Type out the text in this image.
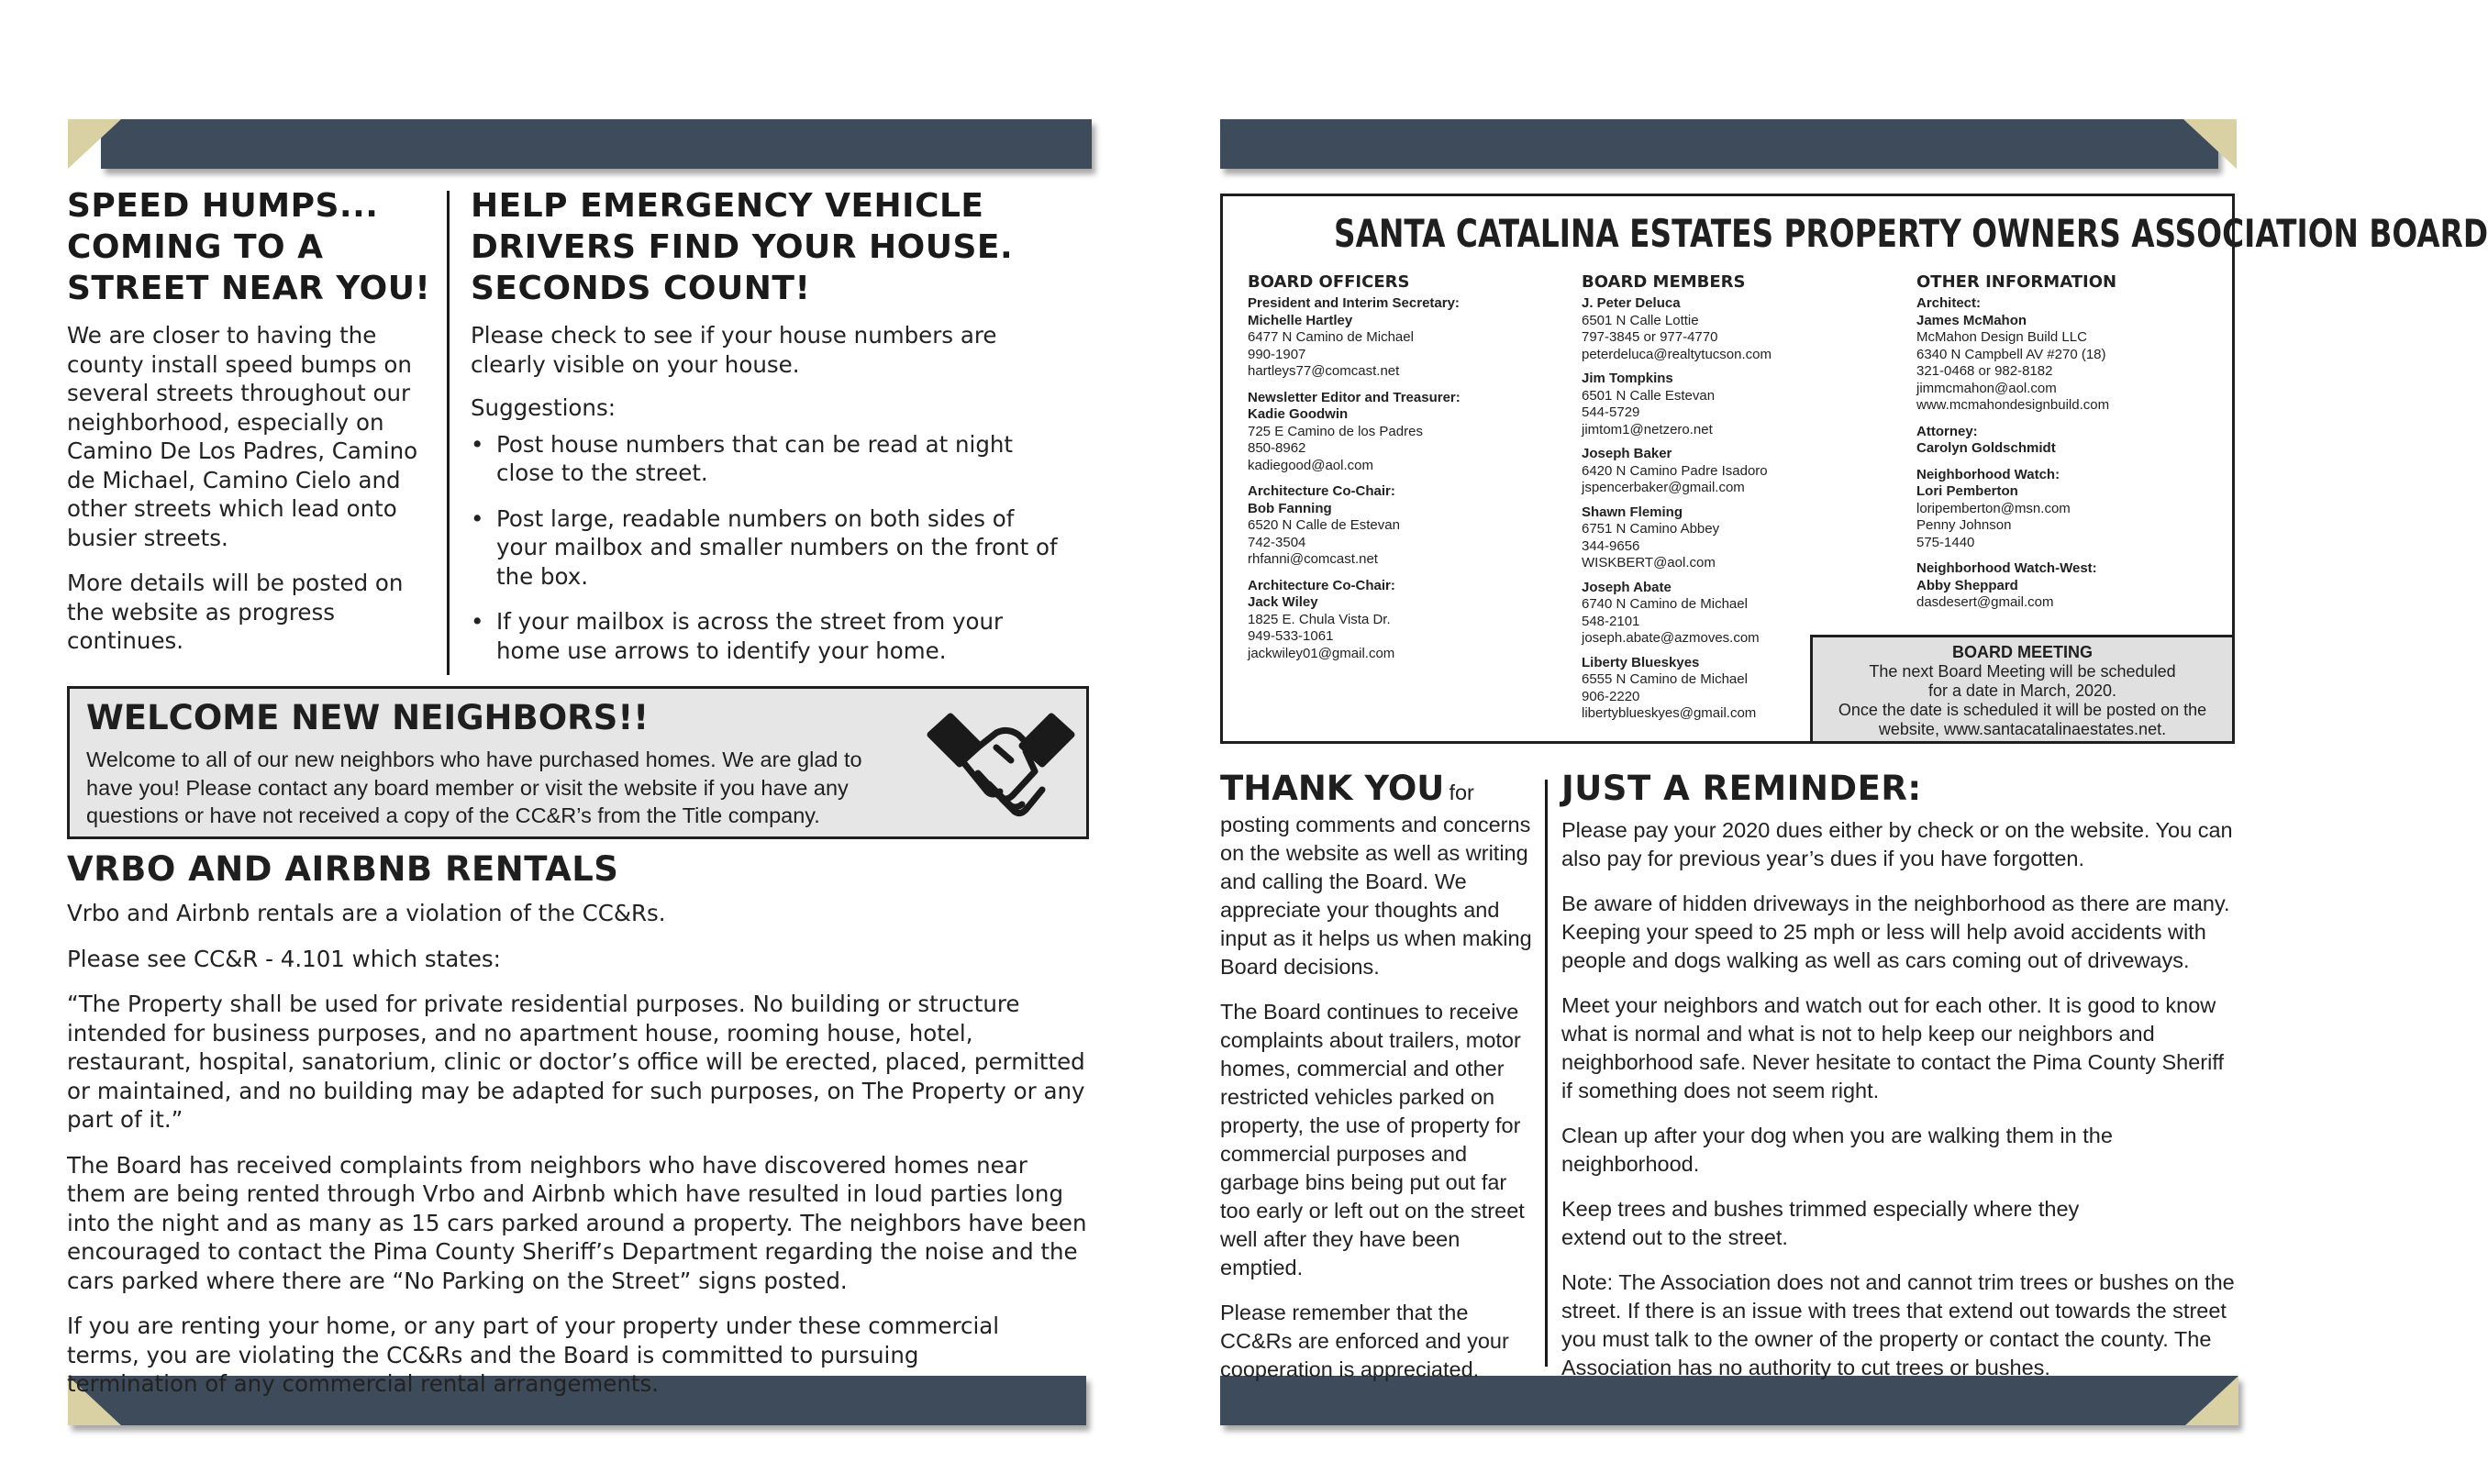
SPEED HUMPS...
COMING TO A
STREET NEAR YOU!

We are closer to having the county install speed bumps on several streets throughout our neighborhood, especially on Camino De Los Padres, Camino de Michael, Camino Cielo and other streets which lead onto busier streets.

More details will be posted on the website as progress continues.

HELP EMERGENCY VEHICLE
DRIVERS FIND YOUR HOUSE.
SECONDS COUNT!

Please check to see if your house numbers are clearly visible on your house.

Suggestions:

• Post house numbers that can be read at night close to the street.
• Post large, readable numbers on both sides of your mailbox and smaller numbers on the front of the box.
• If your mailbox is across the street from your home use arrows to identify your home.
WELCOME NEW NEIGHBORS!!
Welcome to all of our new neighbors who have purchased homes. We are glad to have you! Please contact any board member or visit the website if you have any questions or have not received a copy of the CC&R’s from the Title company.
VRBO AND AIRBNB RENTALS

Vrbo and Airbnb rentals are a violation of the CC&Rs.

Please see CC&R - 4.101 which states:

“The Property shall be used for private residential purposes. No building or structure intended for business purposes, and no apartment house, rooming house, hotel, restaurant, hospital, sanatorium, clinic or doctor’s office will be erected, placed, permitted or maintained, and no building may be adapted for such purposes, on The Property or any part of it.”

The Board has received complaints from neighbors who have discovered homes near them are being rented through Vrbo and Airbnb which have resulted in loud parties long into the night and as many as 15 cars parked around a property. The neighbors have been encouraged to contact the Pima County Sheriff’s Department regarding the noise and the cars parked where there are “No Parking on the Street” signs posted.

If you are renting your home, or any part of your property under these commercial terms, you are violating the CC&Rs and the Board is committed to pursuing termination of any commercial rental arrangements.

SANTA CATALINA ESTATES PROPERTY OWNERS ASSOCIATION BOARD
BOARD OFFICERS
President and Interim Secretary:
Michelle Hartley
6477 N Camino de Michael
990-1907
hartleys77@comcast.net
Newsletter Editor and Treasurer:
Kadie Goodwin
725 E Camino de los Padres
850-8962
kadiegood@aol.com
Architecture Co-Chair:
Bob Fanning
6520 N Calle de Estevan
742-3504
rhfanni@comcast.net
Architecture Co-Chair:
Jack Wiley
1825 E. Chula Vista Dr.
949-533-1061
jackwiley01@gmail.com
BOARD MEMBERS
J. Peter Deluca
6501 N Calle Lottie
797-3845 or 977-4770
peterdeluca@realtytucson.com
Jim Tompkins
6501 N Calle Estevan
544-5729
jimtom1@netzero.net
Joseph Baker
6420 N Camino Padre Isadoro
jspencerbaker@gmail.com
Shawn Fleming
6751 N Camino Abbey
344-9656
WISKBERT@aol.com
Joseph Abate
6740 N Camino de Michael
548-2101
joseph.abate@azmoves.com
Liberty Blueskyes
6555 N Camino de Michael
906-2220
libertyblueskyes@gmail.com
OTHER INFORMATION
Architect:
James McMahon
McMahon Design Build LLC
6340 N Campbell AV #270 (18)
321-0468 or 982-8182
jimmcmahon@aol.com
www.mcmahondesignbuild.com
Attorney:
Carolyn Goldschmidt
Neighborhood Watch:
Lori Pemberton
loripemberton@msn.com
Penny Johnson
575-1440
Neighborhood Watch-West:
Abby Sheppard
dasdesert@gmail.com
BOARD MEETING
The next Board Meeting will be scheduled
for a date in March, 2020.
Once the date is scheduled it will be posted on the
website, www.santacatalinaestates.net.
THANK YOU for

posting comments and concerns on the website as well as writing and calling the Board. We appreciate your thoughts and input as it helps us when making Board decisions.

The Board continues to receive complaints about trailers, motor homes, commercial and other restricted vehicles parked on property, the use of property for commercial purposes and garbage bins being put out far too early or left out on the street well after they have been emptied.

Please remember that the CC&Rs are enforced and your cooperation is appreciated.

JUST A REMINDER:

Please pay your 2020 dues either by check or on the website. You can also pay for previous year’s dues if you have forgotten.

Be aware of hidden driveways in the neighborhood as there are many. Keeping your speed to 25 mph or less will help avoid accidents with people and dogs walking as well as cars coming out of driveways.

Meet your neighbors and watch out for each other. It is good to know what is normal and what is not to help keep our neighbors and neighborhood safe. Never hesitate to contact the Pima County Sheriff if something does not seem right.

Clean up after your dog when you are walking them in the neighborhood.

Keep trees and bushes trimmed especially where they extend out to the street.

Note: The Association does not and cannot trim trees or bushes on the street. If there is an issue with trees that extend out towards the street you must talk to the owner of the property or contact the county. The Association has no authority to cut trees or bushes.
